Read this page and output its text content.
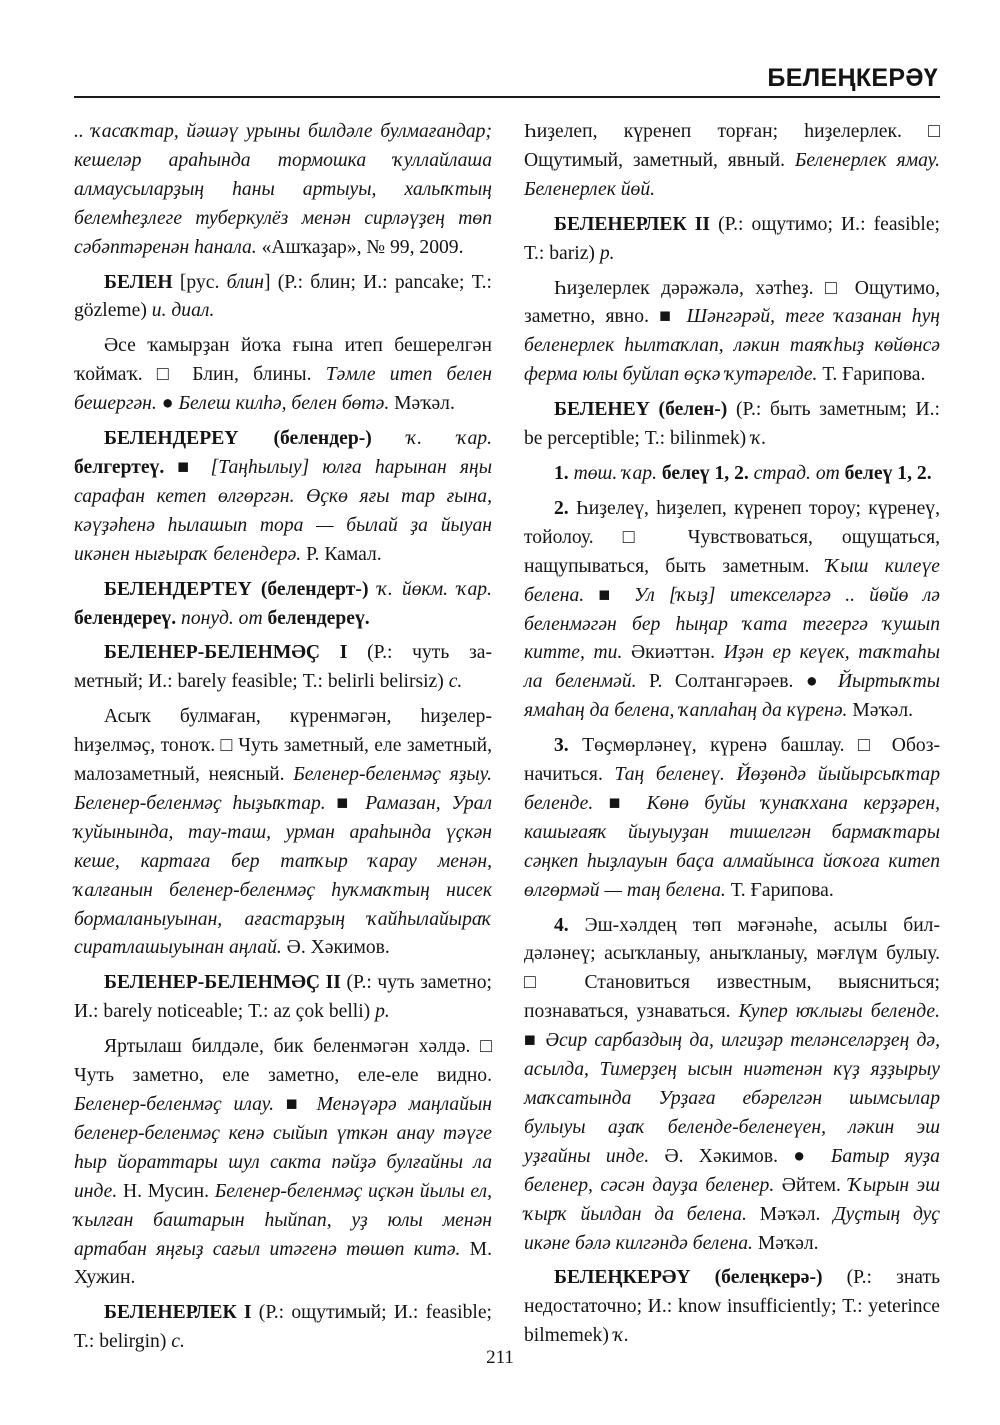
БЕЛЕҢКЕРӘҮ

.. ҡасаҡтар, йәшәү урыны билдәле булмағандар; кешеләр араһында тормошка ҡуллайлаша алмаусыларҙың һаны артыуы, халыҡтың белемһеҙлеге туберкулёз менән сирләүҙең төп сәбәптәренән һанала. «Ашҡаҙар», № 99, 2009.

БЕЛЕН [рус. блин] (Р.: блин; И.: pancake; Т.: gözleme) и. диал.

Әсе ҡамырҙан йоҡа ғына итеп бешерелгән ҡоймаҡ. □ Блин, блины. Тәмле итеп белен бешергән. ● Белеш килһә, белен бөтә. Мәҡәл.

БЕЛЕНДЕРЕҮ (белендер-) ҡ. ҡар. белгертеү. ■ [Таңһылыу] юлға һарынан яңы сарафан кетеп өлгөргән. Өҫкө яғы тар ғына, кәүҙәһенә һылашып тора — былай ҙа йыуан икәнен нығыраҡ белендерә. Р. Камал.

БЕЛЕНДЕРТЕҮ (белендерт-) ҡ. йөкм. ҡар. белендереү. понуд. от белендереү.

БЕЛЕНЕР-БЕЛЕНМӘҪ I (Р.: чуть заметный; И.: barely feasible; Т.: belirli belirsiz) с.

Асыҡ булмаған, күренмәгән, һиҙелер-һиҙелмәҫ, тоноҡ. □ Чуть заметный, еле заметный, малозаметный, неясный. Беленер-беленмәҫ яҙыу. Беленер-беленмәҫ һыҙыҡтар. ■ Рамазан, Урал ҡуйынында, тау-таш, урман араһында үҫкән кеше, картаға бер тапҡыр ҡарау менән, ҡалғанын беленер-беленмәҫ һуҡмаҡтың нисек бормаланыуынан, ағастарҙың ҡайһылайыраҡ сиратлашыуынан аңлай. Ә. Хәкимов.

БЕЛЕНЕР-БЕЛЕНМӘҪ II (Р.: чуть заметно; И.: barely noticeable; Т.: az çok belli) р.

Яртылаш билдәле, бик беленмәгән хәлдә. □ Чуть заметно, еле заметно, еле-еле видно. Беленер-беленмәҫ илау. ■ Менәүәрә маңлайын беленер-беленмәҫ кенә сыйып үткән анау тәүге һыр йораттары шул сакта пәйҙә булғайны ла инде. Н. Мусин. Беленер-беленмәҫ иҫкән йылы ел, ҡылған баштарын һыйпап, уҙ юлы менән артабан яңғыҙ сағыл итәгенә төшөп китә. М. Хужин.

БЕЛЕНЕРЛЕК I (Р.: ощутимый; И.: feasible; Т.: belirgin) с.

Һиҙелеп, күренеп торған; һиҙелерлек. □ Ощутимый, заметный, явный. Беленерлек ямау. Беленерлек йөй.

БЕЛЕНЕРЛЕК II (Р.: ощутимо; И.: feasible; Т.: bariz) р.

Һиҙелерлек дәрәжәлә, хәтһеҙ. □ Ощутимо, заметно, явно. ■ Шәнгәрәй, теге ҡазанан һуң беленерлек һылтаҡлап, ләкин таяҡһыҙ көйөнсә ферма юлы буйлап өҫкә ҡутәрелде. Т. Ғарипова.

БЕЛЕНЕҮ (белен-) (Р.: быть заметным; И.: be perceptible; Т.: bilinmek) ҡ.

1. төш. ҡар. белеү 1, 2. страд. от белеү 1, 2.

2. Һиҙелеү, һиҙелеп, күренеп тороу; күренеү, тойолоу. □ Чувствоваться, ощущаться, нащупываться, быть заметным. Ҡыш килеүе белена. ■ Ул [ҡыҙ] итекселәргә .. йөйө лә беленмәгән бер һыңар ҡата тегергә ҡушып китте, ти. Әкиәттән. Иҙән ер кеүек, таҡтаһы ла беленмәй. Р. Солтангәрәев. ● Йыртыҡты ямаһаң да белена, ҡаплаһаң да күренә. Мәҡәл.

3. Төҫмөрләнеү, күренә башлау. □ Обозначиться. Таң беленеү. Йөҙөндә йыйырсыҡтар беленде. ■ Көнө буйы ҡунаҡхана керҙәрен, кашығаяҡ йыуыуҙан тишелгән бармаҡтары сәңкеп һыҙлауын баҫа алмайынса йоҡоға китеп өлгөрмәй — таң белена. Т. Ғарипова.

4. Эш-хәлдең төп мәғәнәһе, асылы билдәләнеү; асыҡланыу, аныҡланыу, мәғлүм булыу. □ Становиться известным, выясниться; познаваться, узнаваться. Купер юҡлығы беленде. ■ Әсир сарбаздың да, илгиҙәр теләнселәрҙең дә, асылда, Тимерҙең ысын ниәтенән күҙ яҙҙырыу маҡсатында Урҙаға ебәрелгән шымсылар булыуы аҙаҡ беленде-беленеүен, ләкин эш уҙғайны инде. Ә. Хәкимов. ● Батыр яуҙа беленер, сәсән дауҙа беленер. Әйтем. Ҡырын эш ҡырҡ йылдан да белена. Мәҡәл. Дуҫтың дуҫ икәне бәлә килгәндә белена. Мәҡәл.

БЕЛЕҢКЕРӘҮ (белеңкерә-) (Р.: знать недостаточно; И.: know insufficiently; Т.: yeterince bilmemek) ҡ.

211
